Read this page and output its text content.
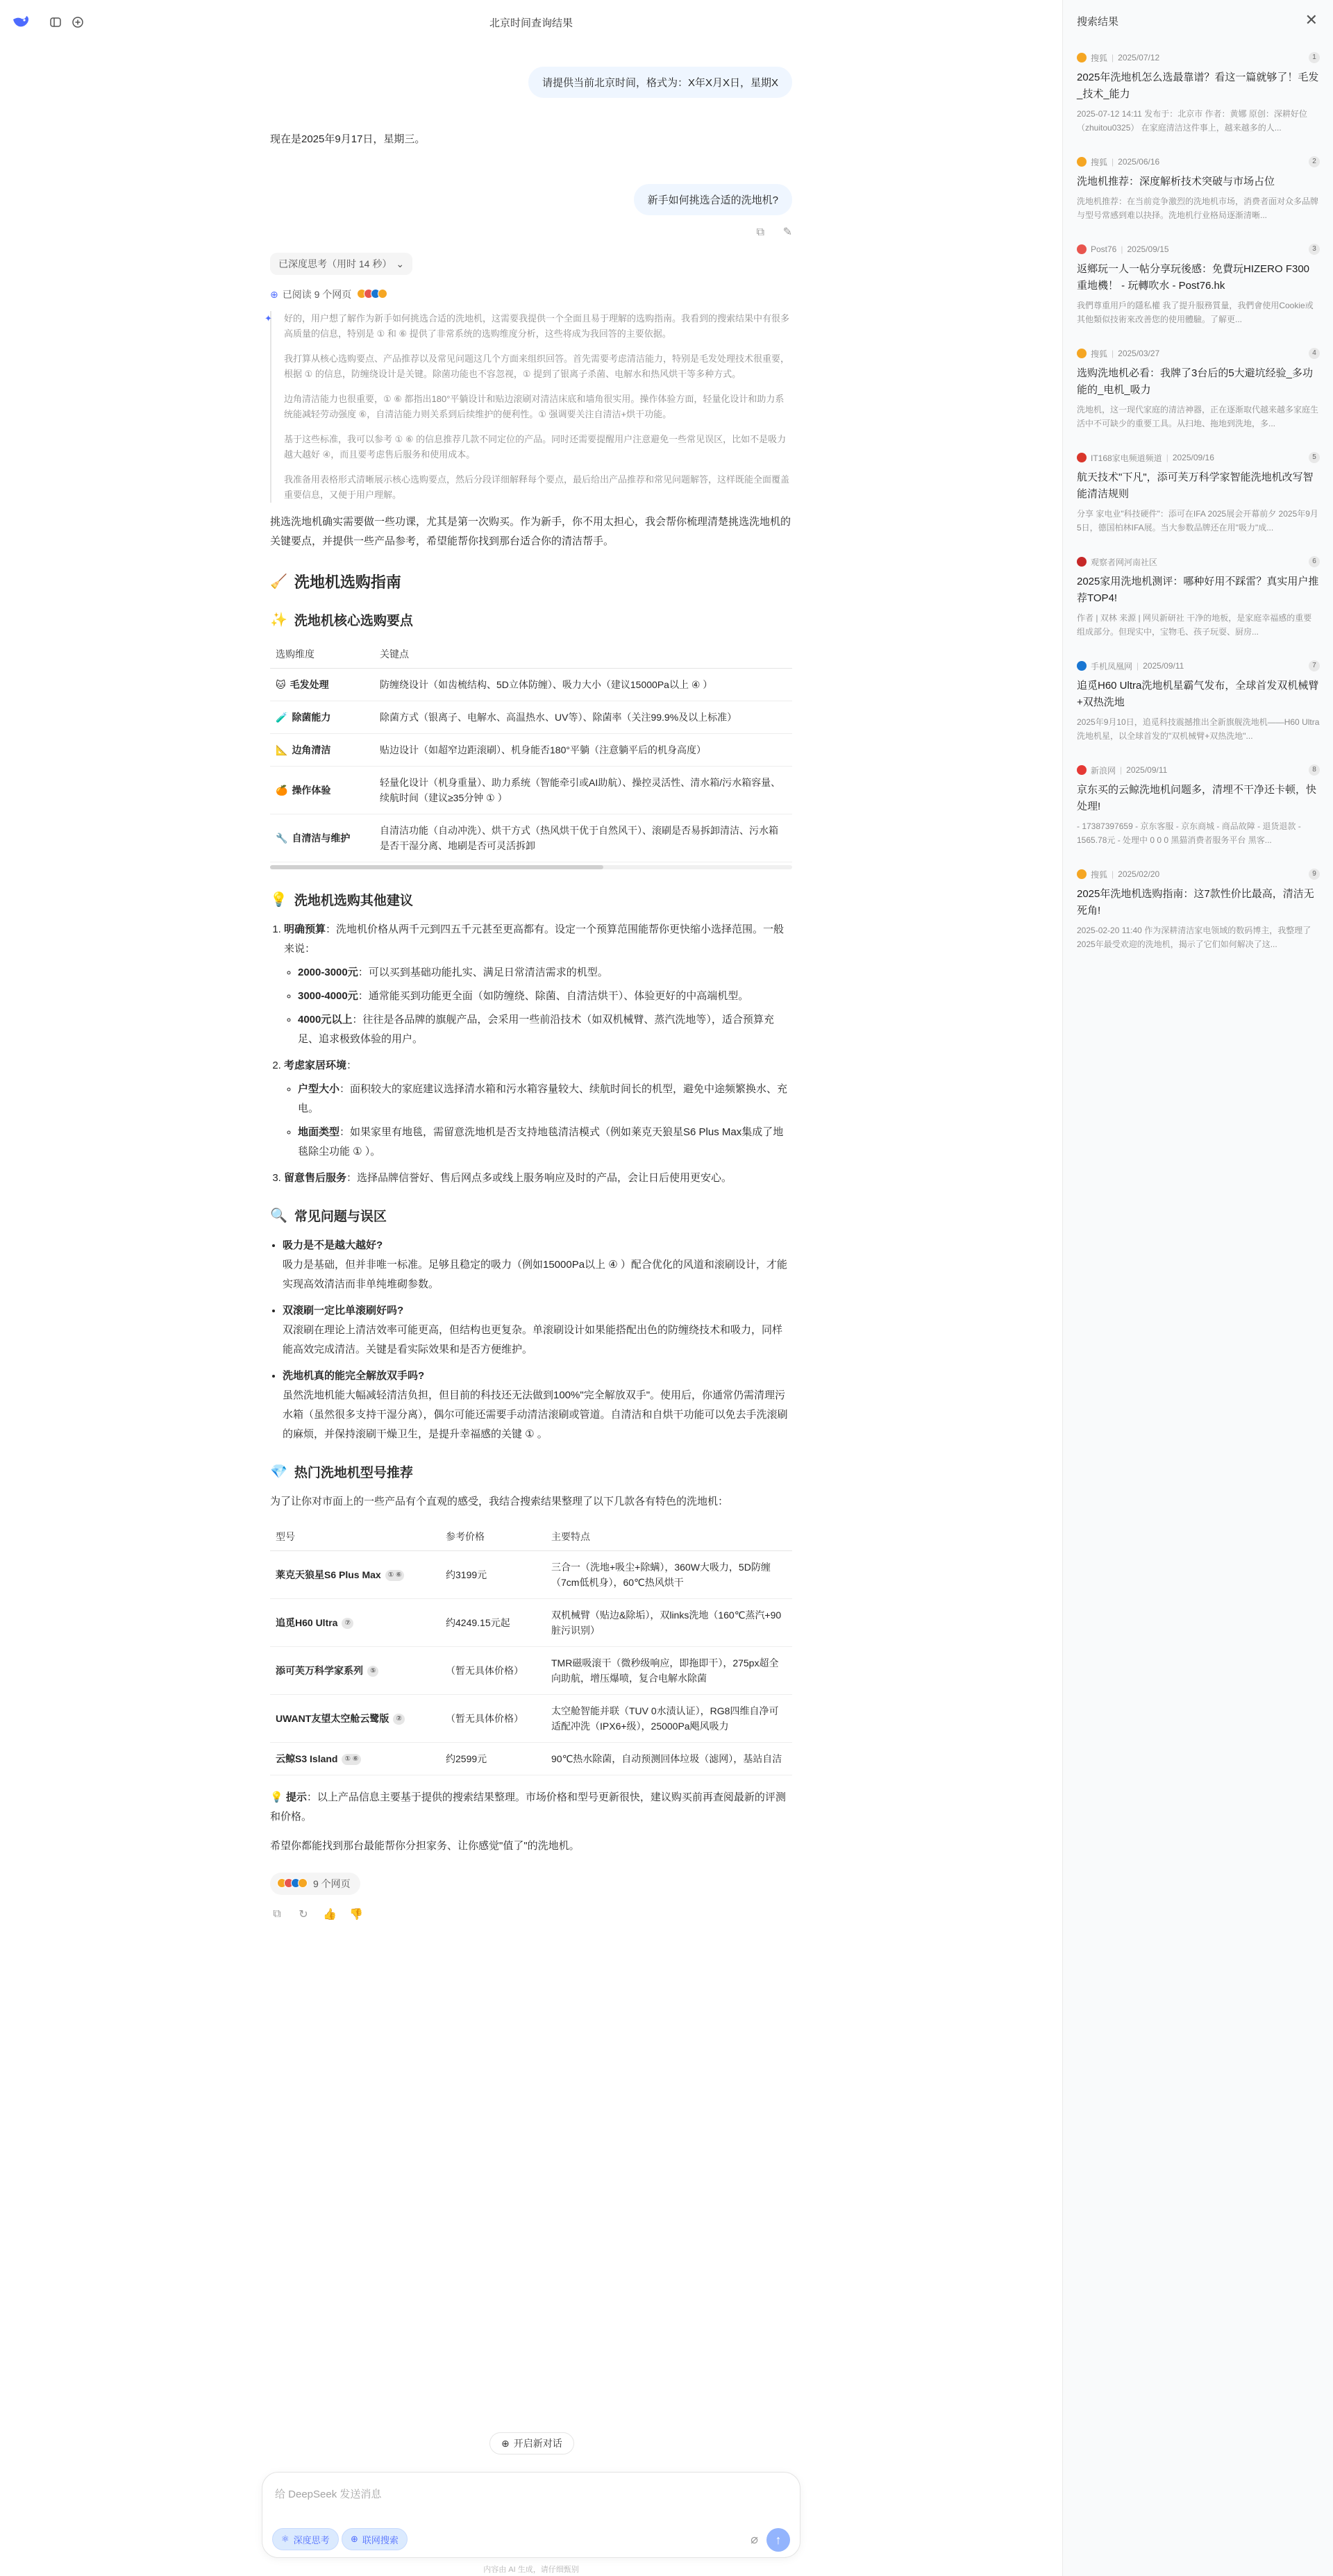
北京时间查询结果
请提供当前北京时间，格式为：X年X月X日，星期X

现在是2025年9月17日，星期三。

新手如何挑选合适的洗地机?
⧉ ✎
已深度思考（用时 14 秒） ⌄
⊕ 已阅读 9 个网页
✦ 好的，用户想了解作为新手如何挑选合适的洗地机，这需要我提供一个全面且易于理解的选购指南。我看到的搜索结果中有很多高质量的信息，特别是 ① 和 ⑥ 提供了非常系统的选购维度分析，这些将成为我回答的主要依据。

我打算从核心选购要点、产品推荐以及常见问题这几个方面来组织回答。首先需要考虑清洁能力，特别是毛发处理技术很重要，根据 ① 的信息，防缠绕设计是关键。除菌功能也不容忽视，① 提到了银离子杀菌、电解水和热风烘干等多种方式。

边角清洁能力也很重要，① ⑥ 都指出180°平躺设计和贴边滚刷对清洁床底和墙角很实用。操作体验方面，轻量化设计和助力系统能减轻劳动强度 ⑥，自清洁能力则关系到后续维护的便利性。① 强调要关注自清洁+烘干功能。

基于这些标准，我可以参考 ① ⑥ 的信息推荐几款不同定位的产品。同时还需要提醒用户注意避免一些常见误区，比如不是吸力越大越好 ④，而且要考虑售后服务和使用成本。

我准备用表格形式清晰展示核心选购要点，然后分段详细解释每个要点，最后给出产品推荐和常见问题解答，这样既能全面覆盖重要信息，又便于用户理解。

挑选洗地机确实需要做一些功课，尤其是第一次购买。作为新手，你不用太担心，我会帮你梳理清楚挑选洗地机的关键要点，并提供一些产品参考，希望能帮你找到那台适合你的清洁帮手。

🧹 洗地机选购指南
✨ 洗地机核心选购要点
选购维度	关键点
🐱 毛发处理	防缠绕设计（如齿梳结构、5D立体防缠）、吸力大小（建议15000Pa以上 ④ ）
🧪 除菌能力	除菌方式（银离子、电解水、高温热水、UV等）、除菌率（关注99.9%及以上标准）
📐 边角清洁	贴边设计（如超窄边距滚刷）、机身能否180°平躺（注意躺平后的机身高度）
🍊 操作体验	轻量化设计（机身重量）、助力系统（智能牵引或AI助航）、操控灵活性、清水箱/污水箱容量、续航时间（建议≥35分钟 ① ）
🔧 自清洁与维护	自清洁功能（自动冲洗）、烘干方式（热风烘干优于自然风干）、滚刷是否易拆卸清洁、污水箱是否干湿分离、地刷是否可灵活拆卸
💡 洗地机选购其他建议
1. 明确预算：洗地机价格从两千元到四五千元甚至更高都有。设定一个预算范围能帮你更快缩小选择范围。一般来说：
◦ 2000-3000元：可以买到基础功能扎实、满足日常清洁需求的机型。
◦ 3000-4000元：通常能买到功能更全面（如防缠绕、除菌、自清洁烘干）、体验更好的中高端机型。
◦ 4000元以上：往往是各品牌的旗舰产品，会采用一些前沿技术（如双机械臂、蒸汽洗地等），适合预算充足、追求极致体验的用户。
2. 考虑家居环境：
◦ 户型大小：面积较大的家庭建议选择清水箱和污水箱容量较大、续航时间长的机型，避免中途频繁换水、充电。
◦ 地面类型：如果家里有地毯，需留意洗地机是否支持地毯清洁模式（例如莱克天狼星S6 Plus Max集成了地毯除尘功能 ① ）。
3. 留意售后服务：选择品牌信誉好、售后网点多或线上服务响应及时的产品，会让日后使用更安心。
🔍 常见问题与误区
• 吸力是不是越大越好?
吸力是基础，但并非唯一标准。足够且稳定的吸力（例如15000Pa以上 ④ ）配合优化的风道和滚刷设计，才能实现高效清洁而非单纯堆砌参数。
• 双滚刷一定比单滚刷好吗?
双滚刷在理论上清洁效率可能更高，但结构也更复杂。单滚刷设计如果能搭配出色的防缠绕技术和吸力，同样能高效完成清洁。关键是看实际效果和是否方便维护。
• 洗地机真的能完全解放双手吗?
虽然洗地机能大幅减轻清洁负担，但目前的科技还无法做到100%"完全解放双手"。使用后，你通常仍需清理污水箱（虽然很多支持干湿分离），偶尔可能还需要手动清洁滚刷或管道。自清洁和自烘干功能可以免去手洗滚刷的麻烦，并保持滚刷干燥卫生，是提升幸福感的关键 ① 。
💎 热门洗地机型号推荐

为了让你对市面上的一些产品有个直观的感受，我结合搜索结果整理了以下几款各有特色的洗地机：

型号	参考价格	主要特点
莱克天狼星S6 Plus Max ① ⑥	约3199元	三合一（洗地+吸尘+除螨），360W大吸力，5D防缠（7cm低机身），60℃热风烘干
追觅H60 Ultra ⑦	约4249.15元起	双机械臂（贴边&除垢），双links洗地（160℃蒸汽+90脏污识别）
添可芙万科学家系列 ⑤	（暂无具体价格）	TMR磁吸滚干（微秒级响应，即拖即干），275px超全向助航，增压爆喷，复合电解水除菌
UWANT友望太空舱云鹭版 ②	（暂无具体价格）	太空舱智能并联（TUV 0水渍认证），RG8四维自净可适配冲洗（IPX6+级），25000Pa飓风吸力
云鲸S3 Island ① ⑥	约2599元	90℃热水除菌，自动预测回体垃圾（滤网），基站自洁

💡 提示：以上产品信息主要基于提供的搜索结果整理。市场价格和型号更新很快，建议购买前再查阅最新的评测和价格。

希望你都能找到那台最能帮你分担家务、让你感觉"值了"的洗地机。

9 个网页
⧉ ↻ 👍 👎
⊕ 开启新对话
给 DeepSeek 发送消息
⚛ 深度思考 ⊕ 联网搜索	⌀ ↑
内容由 AI 生成，请仔细甄别
搜索结果	✕
搜狐 | 2025/07/12	1
2025年洗地机怎么选最靠谱？看这一篇就够了！毛发_技术_能力
2025-07-12 14:11 发布于：北京市 作者：黄娜 原创：深耕好位（zhuitou0325） 在家庭清洁这件事上，越来越多的人...
搜狐 | 2025/06/16	2
洗地机推荐：深度解析技术突破与市场占位
洗地机推荐：在当前竞争激烈的洗地机市场，消费者面对众多品牌与型号常感到难以抉择。洗地机行业格局逐渐清晰...
Post76 | 2025/09/15	3
返鄉玩一人一帖分享玩後感：免費玩HIZERO F300重地機！ - 玩轉吹水 - Post76.hk
我們尊重用戶的隱私權 我了提升服務質量，我們會使用Cookie或其他類似技術來改善您的使用體驗。了解更...
搜狐 | 2025/03/27	4
选购洗地机必看：我牌了3台后的5大避坑经验_多功能的_电机_吸力
洗地机，这一现代家庭的清洁神器，正在逐渐取代越来越多家庭生活中不可缺少的重要工具。从扫地、拖地到洗地，多...
IT168家电频道频道 | 2025/09/16	5
航天技术"下凡"，添可芙万科学家智能洗地机改写智能清洁规则
分享 家电业"科技硬件"：添可在IFA 2025展会开幕前夕 2025年9月5日，德国柏林IFA展。当大参数品牌还在用"吸力"成...
观察者网河南社区	6
2025家用洗地机测评：哪种好用不踩雷？真实用户推荐TOP4!
作者 | 双林 来源 | 网贝新研社 干净的地板，是家庭幸福感的重要组成部分。但现实中，宝物毛、孩子玩耍、厨房...
手机凤凰网 | 2025/09/11	7
追觅H60 Ultra洗地机星霸气发布，全球首发双机械臂+双热洗地
2025年9月10日，追觅科技震撼推出全新旗舰洗地机——H60 Ultra洗地机星，以全球首发的"双机械臂+双热洗地"...
新浪网 | 2025/09/11	8
京东买的云鲸洗地机问题多，清埋不干净还卡顿，快处理!
- 17387397659 - 京东客服 - 京东商城 - 商品故障 - 退货退款 - 1565.78元 - 处理中 0 0 0 黑猫消费者服务平台 黑客...
搜狐 | 2025/02/20	9
2025年洗地机选购指南：这7款性价比最高，清洁无死角!
2025-02-20 11:40 作为深耕清洁家电领域的数码博主，我整理了2025年最受欢迎的洗地机，揭示了它们如何解决了这...
